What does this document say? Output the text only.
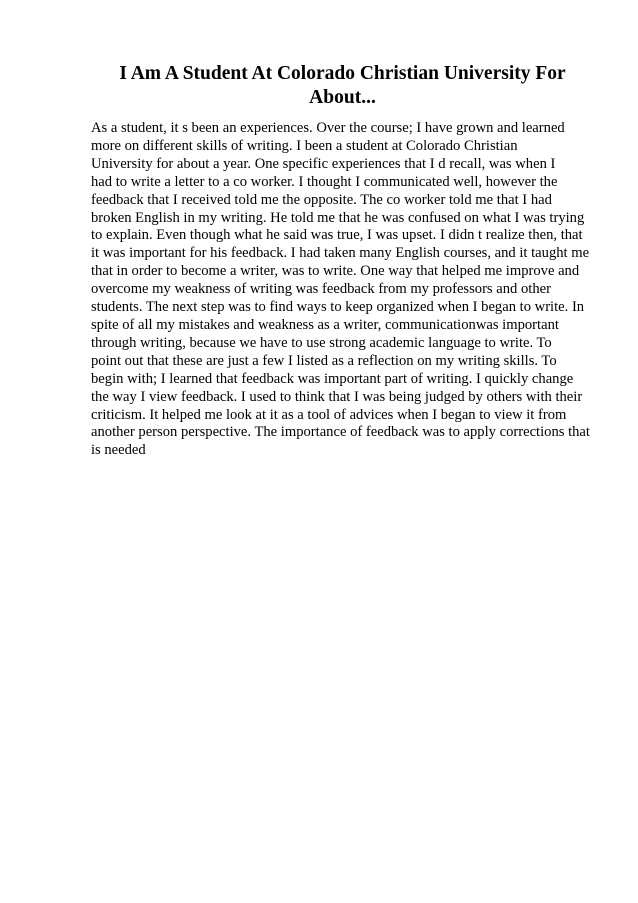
I Am A Student At Colorado Christian University For
About...
As a student, it s been an experiences. Over the course; I have grown and learned
more on different skills of writing. I been a student at Colorado Christian
University for about a year. One specific experiences that I d recall, was when I
had to write a letter to a co worker. I thought I communicated well, however the
feedback that I received told me the opposite. The co worker told me that I had
broken English in my writing. He told me that he was confused on what I was trying
to explain. Even though what he said was true, I was upset. I didn t realize then, that
it was important for his feedback. I had taken many English courses, and it taught me
that in order to become a writer, was to write. One way that helped me improve and
overcome my weakness of writing was feedback from my professors and other
students. The next step was to find ways to keep organized when I began to write. In
spite of all my mistakes and weakness as a writer, communicationwas important
through writing, because we have to use strong academic language to write. To
point out that these are just a few I listed as a reflection on my writing skills. To
begin with; I learned that feedback was important part of writing. I quickly change
the way I view feedback. I used to think that I was being judged by others with their
criticism. It helped me look at it as a tool of advices when I began to view it from
another person perspective. The importance of feedback was to apply corrections that
is needed
